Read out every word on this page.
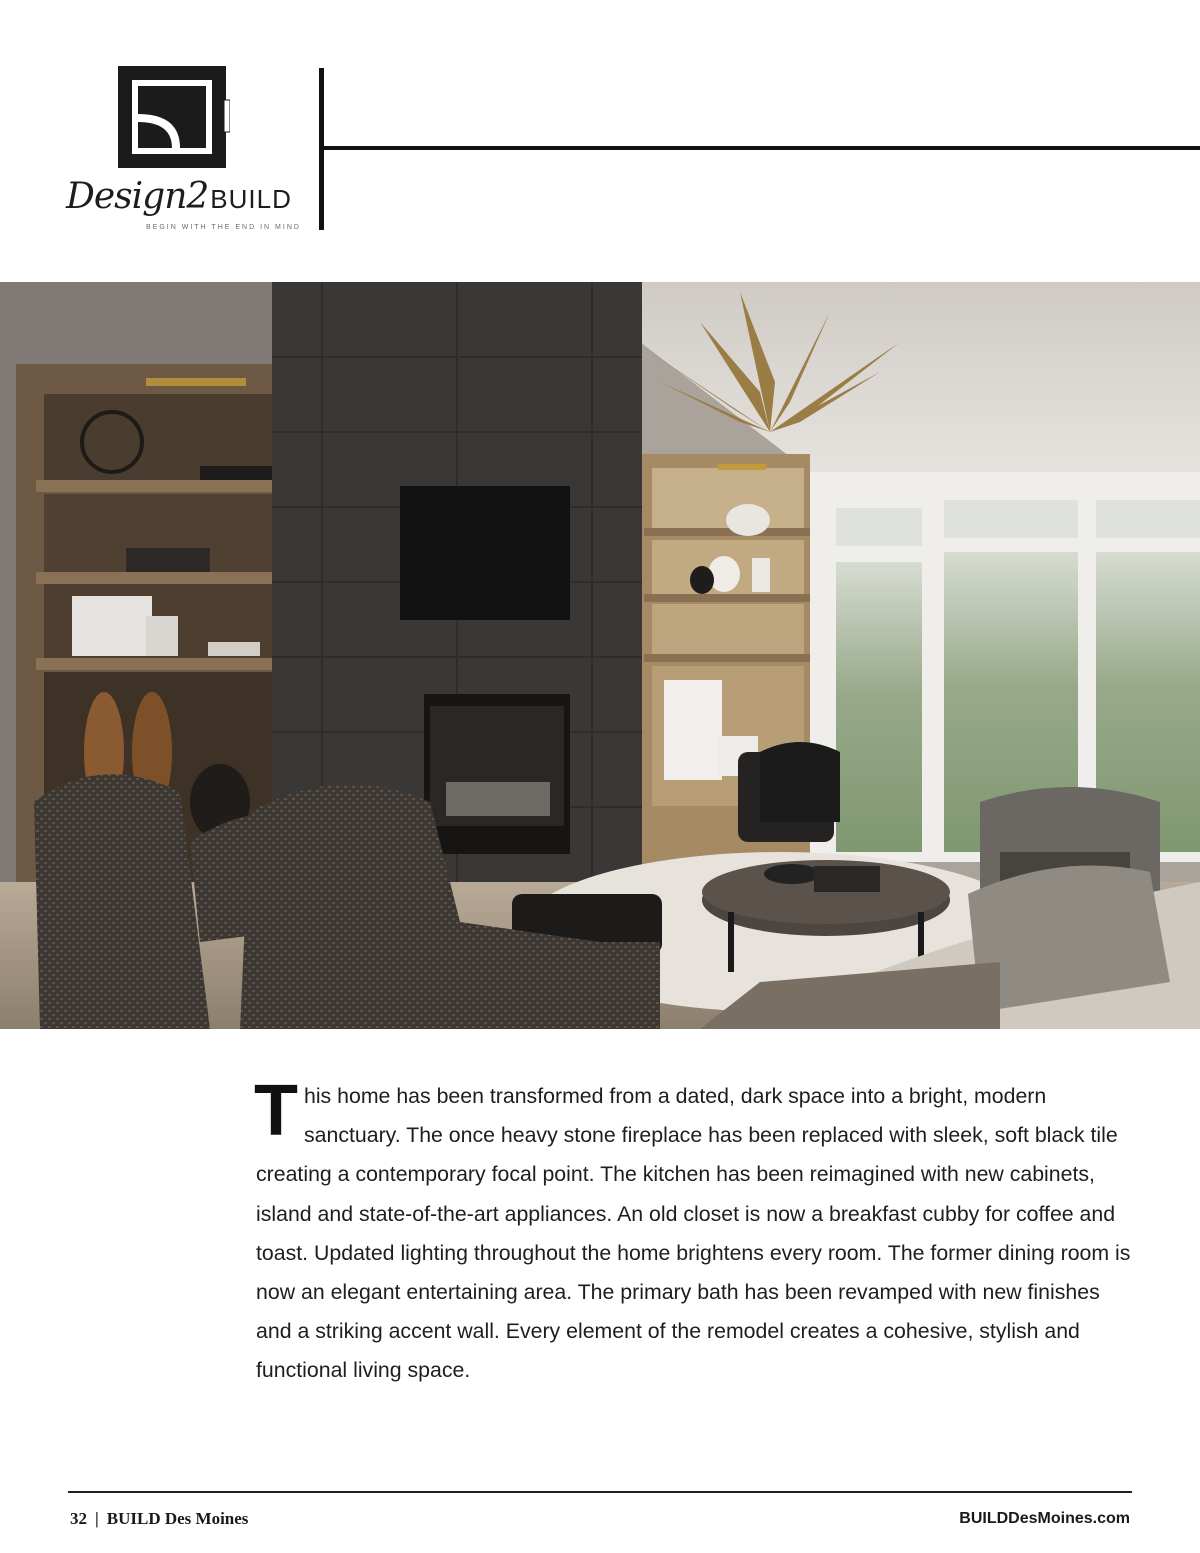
Design2BUILD
BEGIN WITH THE END IN MIND
T his home has been transformed from a dated, dark space into a bright, modern sanctuary. The once heavy stone fireplace has been replaced with sleek, soft black tile creating a contemporary focal point. The kitchen has been reimagined with new cabinets, island and state-of-the-art appliances. An old closet is now a breakfast cubby for coffee and toast. Updated lighting throughout the home brightens every room. The former dining room is now an elegant entertaining area. The primary bath has been revamped with new finishes and a striking accent wall. Every element of the remodel creates a cohesive, stylish and functional living space.
32 | BUILD Des Moines	BUILDDesMoines.com
